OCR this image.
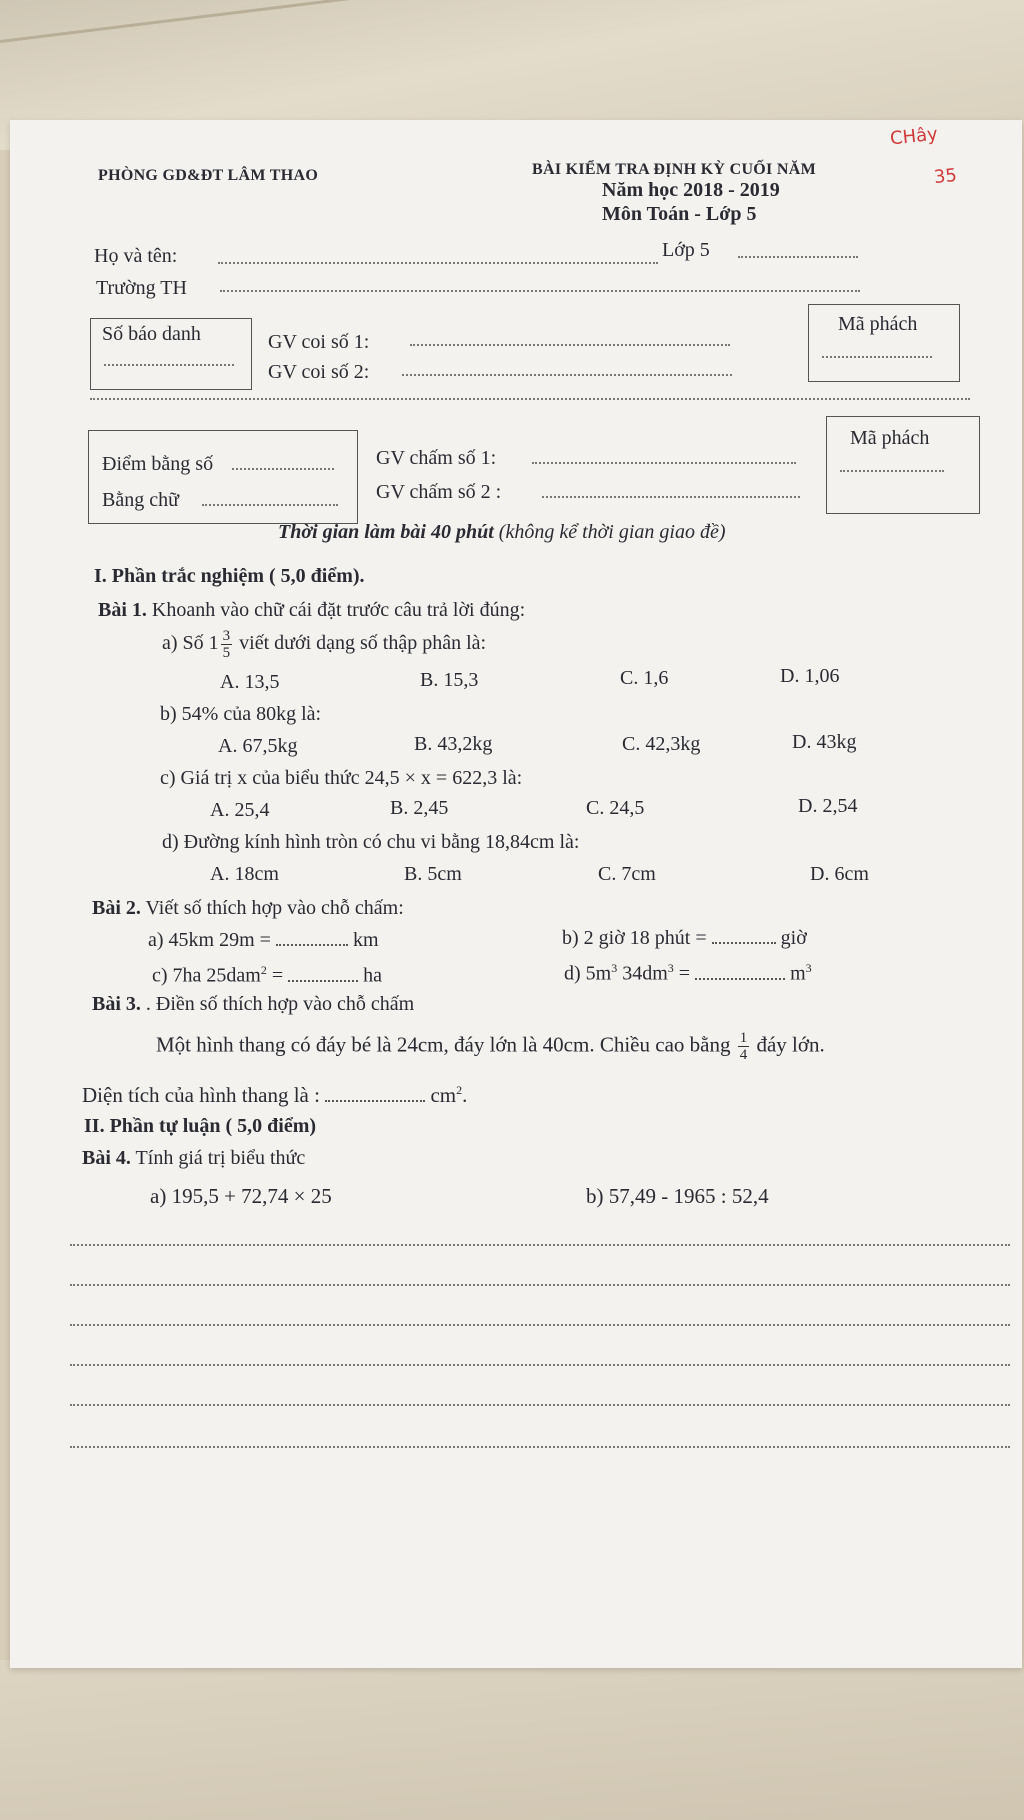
PHÒNG GD&ĐT LÂM THAO	BÀI KIỂM TRA ĐỊNH KỲ CUỐI NĂM
Năm học 2018 - 2019
Môn Toán - Lớp 5
CHây
35
Họ và tên:	Lớp 5
Trường TH
Số báo danh	GV coi số 1:
GV coi số 2:
Mã phách
Điểm bằng số
Bằng chữ
GV chấm số 1:
GV chấm số 2 :
Mã phách
Thời gian làm bài 40 phút (không kể thời gian giao đề)
I. Phần trắc nghiệm ( 5,0 điểm).
Bài 1. Khoanh vào chữ cái đặt trước câu trả lời đúng:
a) Số $1 \frac{3}{5}$ viết dưới dạng số thập phân là:
A. 13,5	B. 15,3	C. 1,6	D. 1,06
b) 54% của 80kg là:
A. 67,5kg	B. 43,2kg	C. 42,3kg	D. 43kg
c) Giá trị x của biểu thức 24,5 × x = 622,3 là:
A. 25,4	B. 2,45	C. 24,5	D. 2,54
d) Đường kính hình tròn có chu vi bằng 18,84cm là:
A. 18cm	B. 5cm	C. 7cm	D. 6cm
Bài 2. Viết số thích hợp vào chỗ chấm:
a) 45km 29m =	km	b) 2 giờ 18 phút =	giờ
c) 7ha 25dam$^2$ =	ha	d) $5m^3$ $34dm^3$ =	$m^3$
Bài 3. . Điền số thích hợp vào chỗ chấm
Một hình thang có đáy bé là 24cm, đáy lớn là 40cm. Chiều cao bằng $\frac{1}{4}$ đáy lớn.
Diện tích của hình thang là :	$cm^2$.
II. Phần tự luận ( 5,0 điểm)
Bài 4. Tính giá trị biểu thức
a) 195,5 + 72,74 × 25	b) 57,49 - 1965 : 52,4
